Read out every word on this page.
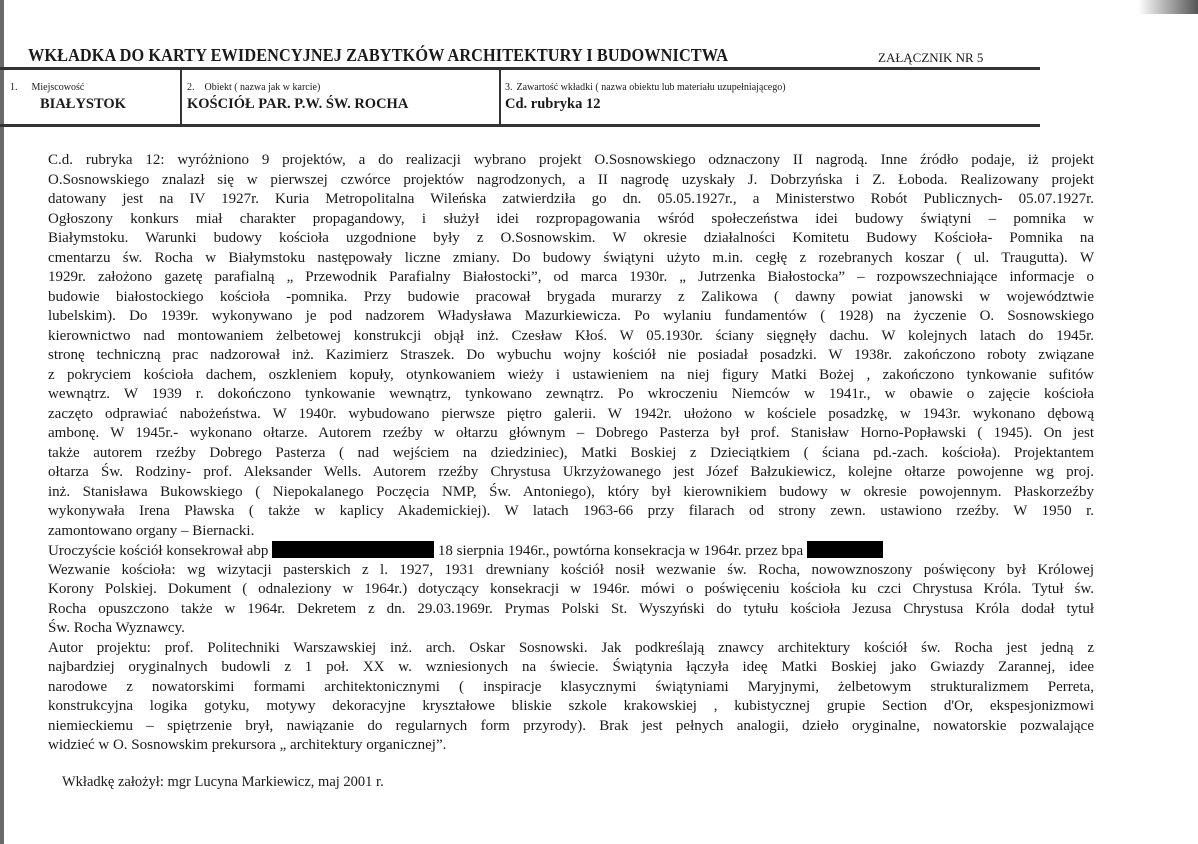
WKŁADKA DO KARTY EWIDENCYJNEJ ZABYTKÓW ARCHITEKTURY I BUDOWNICTWA	ZAŁĄCZNIK NR 5
1. Miejscowość
BIAŁYSTOK
2. Obiekt ( nazwa jak w karcie)
KOŚCIÓŁ PAR. P.W. ŚW. ROCHA
3. Zawartość wkładki ( nazwa obiektu lub materiału uzupełniającego)
Cd. rubryka 12
C.d. rubryka 12: wyróżniono 9 projektów, a do realizacji wybrano projekt O.Sosnowskiego odznaczony II nagrodą. Inne źródło podaje, iż projekt
O.Sosnowskiego znalazł się w pierwszej czwórce projektów nagrodzonych, a II nagrodę uzyskały J. Dobrzyńska i Z. Łoboda. Realizowany projekt
datowany jest na IV 1927r. Kuria Metropolitalna Wileńska zatwierdziła go dn. 05.05.1927r., a Ministerstwo Robót Publicznych- 05.07.1927r.
Ogłoszony konkurs miał charakter propagandowy, i służył idei rozpropagowania wśród społeczeństwa idei budowy świątyni – pomnika w
Białymstoku. Warunki budowy kościoła uzgodnione były z O.Sosnowskim. W okresie działalności Komitetu Budowy Kościoła- Pomnika na
cmentarzu św. Rocha w Białymstoku następowały liczne zmiany. Do budowy świątyni użyto m.in. cegłę z rozebranych koszar ( ul. Traugutta). W
1929r. założono gazetę parafialną „ Przewodnik Parafialny Białostocki”, od marca 1930r. „ Jutrzenka Białostocka” – rozpowszechniające informacje o
budowie białostockiego kościoła -pomnika. Przy budowie pracował brygada murarzy z Zalikowa ( dawny powiat janowski w województwie
lubelskim). Do 1939r. wykonywano je pod nadzorem Władysława Mazurkiewicza. Po wylaniu fundamentów ( 1928) na życzenie O. Sosnowskiego
kierownictwo nad montowaniem żelbetowej konstrukcji objął inż. Czesław Kłoś. W 05.1930r. ściany sięgnęły dachu. W kolejnych latach do 1945r.
stronę techniczną prac nadzorował inż. Kazimierz Straszek. Do wybuchu wojny kościół nie posiadał posadzki. W 1938r. zakończono roboty związane
z pokryciem kościoła dachem, oszkleniem kopuły, otynkowaniem wieży i ustawieniem na niej figury Matki Bożej , zakończono tynkowanie sufitów
wewnątrz. W 1939 r. dokończono tynkowanie wewnątrz, tynkowano zewnątrz. Po wkroczeniu Niemców w 1941r., w obawie o zajęcie kościoła
zaczęto odprawiać nabożeństwa. W 1940r. wybudowano pierwsze piętro galerii. W 1942r. ułożono w kościele posadzkę, w 1943r. wykonano dębową
ambonę. W 1945r.- wykonano ołtarze. Autorem rzeźby w ołtarzu głównym – Dobrego Pasterza był prof. Stanisław Horno-Popławski ( 1945). On jest
także autorem rzeźby Dobrego Pasterza ( nad wejściem na dziedziniec), Matki Boskiej z Dzieciątkiem ( ściana pd.-zach. kościoła). Projektantem
ołtarza Św. Rodziny- prof. Aleksander Wells. Autorem rzeźby Chrystusa Ukrzyżowanego jest Józef Bałzukiewicz, kolejne ołtarze powojenne wg proj.
inż. Stanisława Bukowskiego ( Niepokalanego Poczęcia NMP, Św. Antoniego), który był kierownikiem budowy w okresie powojennym. Płaskorzeźby
wykonywała Irena Pławska ( także w kaplicy Akademickiej). W latach 1963-66 przy filarach od strony zewn. ustawiono rzeźby. W 1950 r.
zamontowano organy – Biernacki.
Uroczyście kościół konsekrował abp	18 sierpnia 1946r., powtórna konsekracja w 1964r. przez bpa	.
Wezwanie kościoła: wg wizytacji pasterskich z l. 1927, 1931 drewniany kościół nosił wezwanie św. Rocha, nowowznoszony poświęcony był Królowej
Korony Polskiej. Dokument ( odnaleziony w 1964r.) dotyczący konsekracji w 1946r. mówi o poświęceniu kościoła ku czci Chrystusa Króla. Tytuł św.
Rocha opuszczono także w 1964r. Dekretem z dn. 29.03.1969r. Prymas Polski St. Wyszyński do tytułu kościoła Jezusa Chrystusa Króla dodał tytuł
Św. Rocha Wyznawcy.
Autor projektu: prof. Politechniki Warszawskiej inż. arch. Oskar Sosnowski. Jak podkreślają znawcy architektury kościół św. Rocha jest jedną z
najbardziej oryginalnych budowli z 1 poł. XX w. wzniesionych na świecie. Świątynia łączyła ideę Matki Boskiej jako Gwiazdy Zarannej, idee
narodowe z nowatorskimi formami architektonicznymi ( inspiracje klasycznymi świątyniami Maryjnymi, żelbetowym strukturalizmem Perreta,
konstrukcyjna logika gotyku, motywy dekoracyjne kryształowe bliskie szkole krakowskiej , kubistycznej grupie Section d'Or, ekspesjonizmowi
niemieckiemu – spiętrzenie brył, nawiązanie do regularnych form przyrody). Brak jest pełnych analogii, dzieło oryginalne, nowatorskie pozwalające
widzieć w O. Sosnowskim prekursora „ architektury organicznej”.
Wkładkę założył: mgr Lucyna Markiewicz, maj 2001 r.
